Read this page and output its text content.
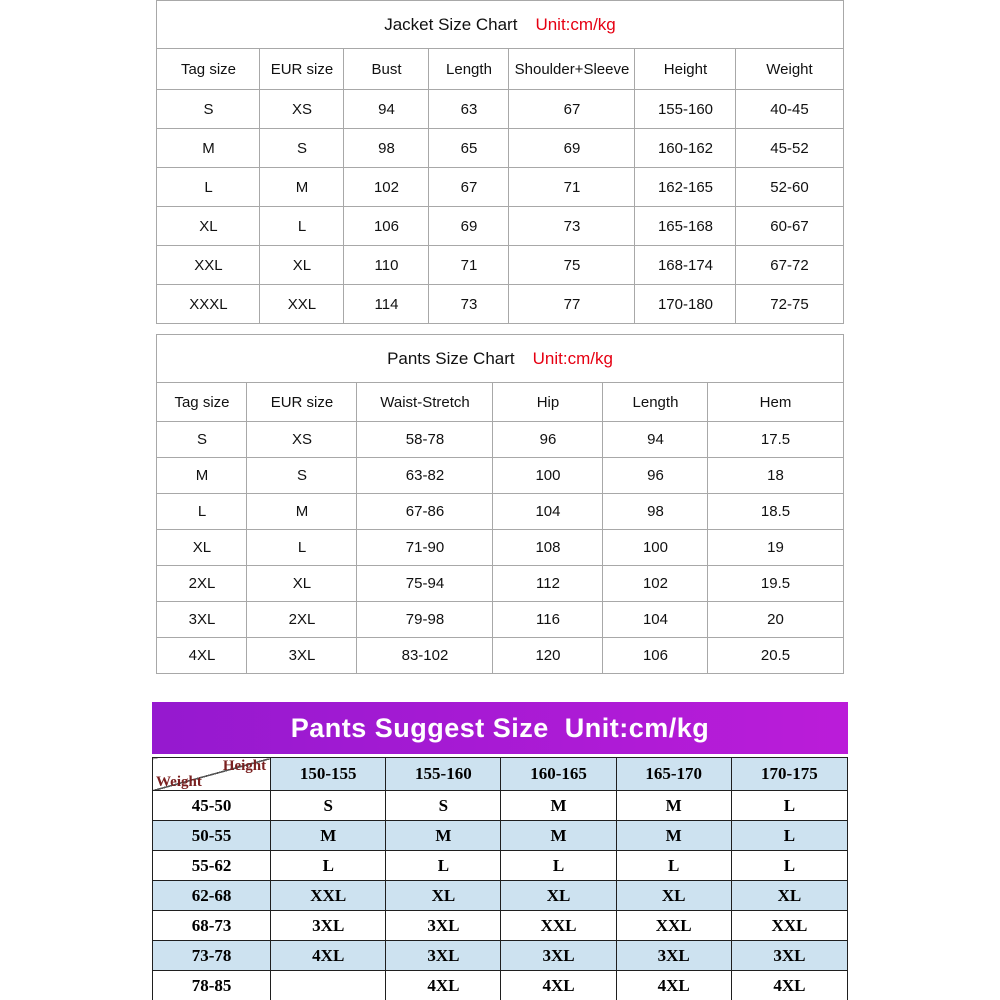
Jacket Size Chart Unit:cm/kg						
Tag size	EUR size	Bust	Length	Shoulder+Sleeve	Height	Weight
S	XS	94	63	67	155-160	40-45
M	S	98	65	69	160-162	45-52
L	M	102	67	71	162-165	52-60
XL	L	106	69	73	165-168	60-67
XXL	XL	110	71	75	168-174	67-72
XXXL	XXL	114	73	77	170-180	72-75
Pants Size Chart Unit:cm/kg					
Tag size	EUR size	Waist-Stretch	Hip	Length	Hem
S	XS	58-78	96	94	17.5
M	S	63-82	100	96	18
L	M	67-86	104	98	18.5
XL	L	71-90	108	100	19
2XL	XL	75-94	112	102	19.5
3XL	2XL	79-98	116	104	20
4XL	3XL	83-102	120	106	20.5
Pants Suggest Size Unit:cm/kg
Height
Weight	150-155	155-160	160-165	165-170	170-175
45-50	S	S	M	M	L
50-55	M	M	M	M	L
55-62	L	L	L	L	L
62-68	XXL	XL	XL	XL	XL
68-73	3XL	3XL	XXL	XXL	XXL
73-78	4XL	3XL	3XL	3XL	3XL
78-85		4XL	4XL	4XL	4XL
